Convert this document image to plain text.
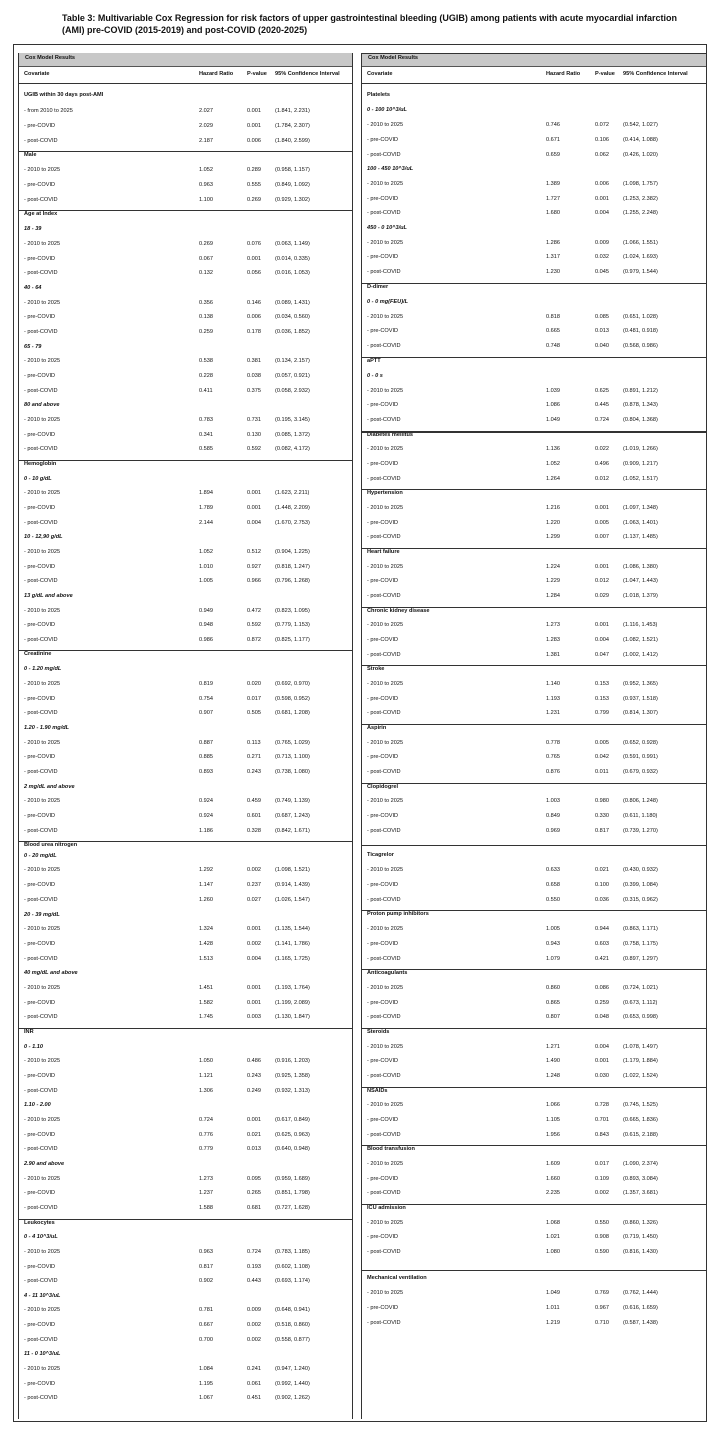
Table 3: Multivariable Cox Regression for risk factors of upper gastrointestinal bleeding (UGIB) among patients with acute myocardial infarction (AMI) pre-COVID (2015-2019) and post-COVID (2020-2025)
Cox Model Results
Covariate	Hazard Ratio	P-value	95% Confidence Interval
UGIB within 30 days post-AMI
- from 2010 to 2025	2.027	0.001	(1.841, 2.231)
- pre-COVID	2.029	0.001	(1.784, 2.307)
- post-COVID	2.187	0.006	(1.840, 2.599)
Male
- 2010 to 2025	1.052	0.289	(0.958, 1.157)
- pre-COVID	0.963	0.555	(0.849, 1.092)
- post-COVID	1.100	0.269	(0.929, 1.302)
Age at Index
18 - 39
- 2010 to 2025	0.269	0.076	(0.063, 1.149)
- pre-COVID	0.067	0.001	(0.014, 0.335)
- post-COVID	0.132	0.056	(0.016, 1.053)
40 - 64
- 2010 to 2025	0.356	0.146	(0.089, 1.431)
- pre-COVID	0.138	0.006	(0.034, 0.560)
- post-COVID	0.259	0.178	(0.036, 1.852)
65 - 79
- 2010 to 2025	0.538	0.381	(0.134, 2.157)
- pre-COVID	0.228	0.038	(0.057, 0.921)
- post-COVID	0.411	0.375	(0.058, 2.932)
80 and above
- 2010 to 2025	0.783	0.731	(0.195, 3.145)
- pre-COVID	0.341	0.130	(0.085, 1.372)
- post-COVID	0.585	0.592	(0.082, 4.172)
Hemoglobin
0 - 10 g/dL
- 2010 to 2025	1.894	0.001	(1.623, 2.211)
- pre-COVID	1.789	0.001	(1.448, 2.209)
- post-COVID	2.144	0.004	(1.670, 2.753)
10 - 12,90 g/dL
- 2010 to 2025	1.052	0.512	(0.904, 1.225)
- pre-COVID	1.010	0.927	(0.818, 1.247)
- post-COVID	1.005	0.966	(0.796, 1.268)
13 g/dL and above
- 2010 to 2025	0.949	0.472	(0.823, 1.095)
- pre-COVID	0.948	0.592	(0.779, 1.153)
- post-COVID	0.986	0.872	(0.825, 1.177)
Creatinine
0 - 1.20 mg/dL
- 2010 to 2025	0.819	0.020	(0.692, 0.970)
- pre-COVID	0.754	0.017	(0.598, 0.952)
- post-COVID	0.907	0.505	(0.681, 1.208)
1.20 - 1.90 mg/dL
- 2010 to 2025	0.887	0.113	(0.765, 1.029)
- pre-COVID	0.885	0.271	(0.713, 1.100)
- post-COVID	0.893	0.243	(0.738, 1.080)
2 mg/dL and above
- 2010 to 2025	0.924	0.459	(0.749, 1.139)
- pre-COVID	0.924	0.601	(0.687, 1.243)
- post-COVID	1.186	0.328	(0.842, 1.671)
Blood urea nitrogen
0 - 20 mg/dL
- 2010 to 2025	1.292	0.002	(1.098, 1.521)
- pre-COVID	1.147	0.237	(0.914, 1.439)
- post-COVID	1.260	0.027	(1.026, 1.547)
20 - 39 mg/dL
- 2010 to 2025	1.324	0.001	(1.135, 1.544)
- pre-COVID	1.428	0.002	(1.141, 1.786)
- post-COVID	1.513	0.004	(1.165, 1.725)
40 mg/dL and above
- 2010 to 2025	1.451	0.001	(1.193, 1.764)
- pre-COVID	1.582	0.001	(1.199, 2.089)
- post-COVID	1.745	0.003	(1.130, 1.847)
INR
0 - 1.10
- 2010 to 2025	1.050	0.486	(0.916, 1.203)
- pre-COVID	1.121	0.243	(0.925, 1.358)
- post-COVID	1.306	0.249	(0.932, 1.313)
1.10 - 2.00
- 2010 to 2025	0.724	0.001	(0.617, 0.849)
- pre-COVID	0.776	0.021	(0.625, 0.963)
- post-COVID	0.779	0.013	(0.640, 0.948)
2.90 and above
- 2010 to 2025	1.273	0.095	(0.959, 1.689)
- pre-COVID	1.237	0.265	(0.851, 1.798)
- post-COVID	1.588	0.681	(0.727, 1.628)
Leukocytes
0 - 4 10^3/uL
- 2010 to 2025	0.963	0.724	(0.783, 1.185)
- pre-COVID	0.817	0.193	(0.602, 1.108)
- post-COVID	0.902	0.443	(0.693, 1.174)
4 - 11 10^3/uL
- 2010 to 2025	0.781	0.009	(0.648, 0.941)
- pre-COVID	0.667	0.002	(0.518, 0.860)
- post-COVID	0.700	0.002	(0.558, 0.877)
11 - 0 10^3/uL
- 2010 to 2025	1.084	0.241	(0.947, 1.240)
- pre-COVID	1.195	0.061	(0.992, 1.440)
- post-COVID	1.067	0.451	(0.902, 1.262)
Cox Model Results
Covariate	Hazard Ratio	P-value	95% Confidence Interval
Platelets
0 - 100 10^3/uL
- 2010 to 2025	0.746	0.072	(0.542, 1.027)
- pre-COVID	0.671	0.106	(0.414, 1.088)
- post-COVID	0.659	0.062	(0.426, 1.020)
100 - 450 10^3/uL
- 2010 to 2025	1.389	0.006	(1.098, 1.757)
- pre-COVID	1.727	0.001	(1.253, 2.382)
- post-COVID	1.680	0.004	(1.255, 2.248)
450 - 0 10^3/uL
- 2010 to 2025	1.286	0.009	(1.066, 1.551)
- pre-COVID	1.317	0.032	(1.024, 1.693)
- post-COVID	1.230	0.045	(0.979, 1.544)
D-dimer
0 - 0 mg(FEU)/L
- 2010 to 2025	0.818	0.085	(0.651, 1.028)
- pre-COVID	0.665	0.013	(0.481, 0.918)
- post-COVID	0.748	0.040	(0.568, 0.986)
aPTT
0 - 0 s
- 2010 to 2025	1.039	0.625	(0.891, 1.212)
- pre-COVID	1.086	0.445	(0.878, 1.343)
- post-COVID	1.049	0.724	(0.804, 1.368)
Diabetes mellitus
- 2010 to 2025	1.136	0.022	(1.019, 1.266)
- pre-COVID	1.052	0.496	(0.909, 1.217)
- post-COVID	1.264	0.012	(1.052, 1.517)
Hypertension
- 2010 to 2025	1.216	0.001	(1.097, 1.348)
- pre-COVID	1.220	0.005	(1.063, 1.401)
- post-COVID	1.299	0.007	(1.137, 1.485)
Heart failure
- 2010 to 2025	1.224	0.001	(1.086, 1.380)
- pre-COVID	1.229	0.012	(1.047, 1.443)
- post-COVID	1.284	0.029	(1.018, 1.379)
Chronic kidney disease
- 2010 to 2025	1.273	0.001	(1.116, 1.453)
- pre-COVID	1.283	0.004	(1.082, 1.521)
- post-COVID	1.381	0.047	(1.002, 1.412)
Stroke
- 2010 to 2025	1.140	0.153	(0.952, 1.365)
- pre-COVID	1.193	0.153	(0.937, 1.518)
- post-COVID	1.231	0.799	(0.814, 1.307)
Aspirin
- 2010 to 2025	0.778	0.005	(0.652, 0.928)
- pre-COVID	0.765	0.042	(0.591, 0.991)
- post-COVID	0.876	0.011	(0.679, 0.932)
Clopidogrel
- 2010 to 2025	1.003	0.980	(0.806, 1.248)
- pre-COVID	0.849	0.330	(0.611, 1.180)
- post-COVID	0.969	0.817	(0.739, 1.270)
Ticagrelor
- 2010 to 2025	0.633	0.021	(0.430, 0.932)
- pre-COVID	0.658	0.100	(0.399, 1.084)
- post-COVID	0.550	0.036	(0.315, 0.962)
Proton pump inhibitors
- 2010 to 2025	1.005	0.944	(0.863, 1.171)
- pre-COVID	0.943	0.603	(0.758, 1.175)
- post-COVID	1.079	0.421	(0.897, 1.297)
Anticoagulants
- 2010 to 2025	0.860	0.086	(0.724, 1.021)
- pre-COVID	0.865	0.259	(0.673, 1.112)
- post-COVID	0.807	0.048	(0.653, 0.998)
Steroids
- 2010 to 2025	1.271	0.004	(1.078, 1.497)
- pre-COVID	1.490	0.001	(1.179, 1.884)
- post-COVID	1.248	0.030	(1.022, 1.524)
NSAIDs
- 2010 to 2025	1.066	0.728	(0.745, 1.525)
- pre-COVID	1.105	0.701	(0.665, 1.836)
- post-COVID	1.956	0.843	(0.615, 2.188)
Blood transfusion
- 2010 to 2025	1.609	0.017	(1.090, 2.374)
- pre-COVID	1.660	0.109	(0.893, 3.084)
- post-COVID	2.235	0.002	(1.357, 3.681)
ICU admission
- 2010 to 2025	1.068	0.550	(0.860, 1.326)
- pre-COVID	1.021	0.908	(0.719, 1.450)
- post-COVID	1.080	0.590	(0.816, 1.430)
Mechanical ventilation
- 2010 to 2025	1.049	0.769	(0.762, 1.444)
- pre-COVID	1.011	0.967	(0.616, 1.659)
- post-COVID	1.219	0.710	(0.587, 1.438)
